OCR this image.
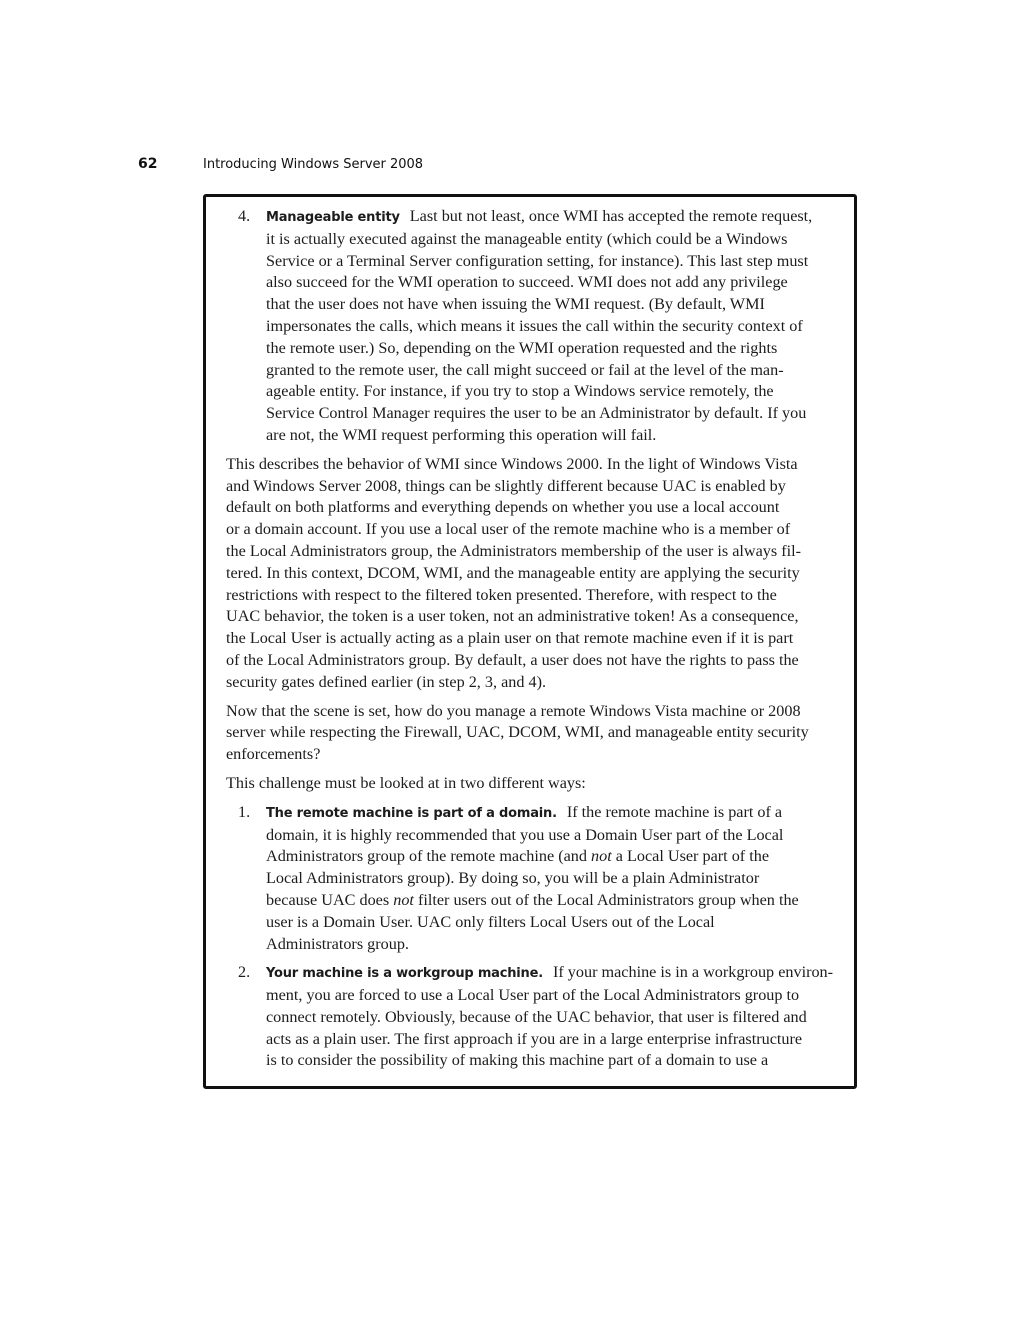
62	Introducing Windows Server 2008
4. Manageable entity Last but not least, once WMI has accepted the remote request,
it is actually executed against the manageable entity (which could be a Windows
Service or a Terminal Server configuration setting, for instance). This last step must
also succeed for the WMI operation to succeed. WMI does not add any privilege
that the user does not have when issuing the WMI request. (By default, WMI
impersonates the calls, which means it issues the call within the security context of
the remote user.) So, depending on the WMI operation requested and the rights
granted to the remote user, the call might succeed or fail at the level of the man-
ageable entity. For instance, if you try to stop a Windows service remotely, the
Service Control Manager requires the user to be an Administrator by default. If you
are not, the WMI request performing this operation will fail.
This describes the behavior of WMI since Windows 2000. In the light of Windows Vista
and Windows Server 2008, things can be slightly different because UAC is enabled by
default on both platforms and everything depends on whether you use a local account
or a domain account. If you use a local user of the remote machine who is a member of
the Local Administrators group, the Administrators membership of the user is always fil-
tered. In this context, DCOM, WMI, and the manageable entity are applying the security
restrictions with respect to the filtered token presented. Therefore, with respect to the
UAC behavior, the token is a user token, not an administrative token! As a consequence,
the Local User is actually acting as a plain user on that remote machine even if it is part
of the Local Administrators group. By default, a user does not have the rights to pass the
security gates defined earlier (in step 2, 3, and 4).
Now that the scene is set, how do you manage a remote Windows Vista machine or 2008
server while respecting the Firewall, UAC, DCOM, WMI, and manageable entity security
enforcements?
This challenge must be looked at in two different ways:
1. The remote machine is part of a domain. If the remote machine is part of a
domain, it is highly recommended that you use a Domain User part of the Local
Administrators group of the remote machine (and not a Local User part of the
Local Administrators group). By doing so, you will be a plain Administrator
because UAC does not filter users out of the Local Administrators group when the
user is a Domain User. UAC only filters Local Users out of the Local
Administrators group.
2. Your machine is a workgroup machine. If your machine is in a workgroup environ-
ment, you are forced to use a Local User part of the Local Administrators group to
connect remotely. Obviously, because of the UAC behavior, that user is filtered and
acts as a plain user. The first approach if you are in a large enterprise infrastructure
is to consider the possibility of making this machine part of a domain to use a
